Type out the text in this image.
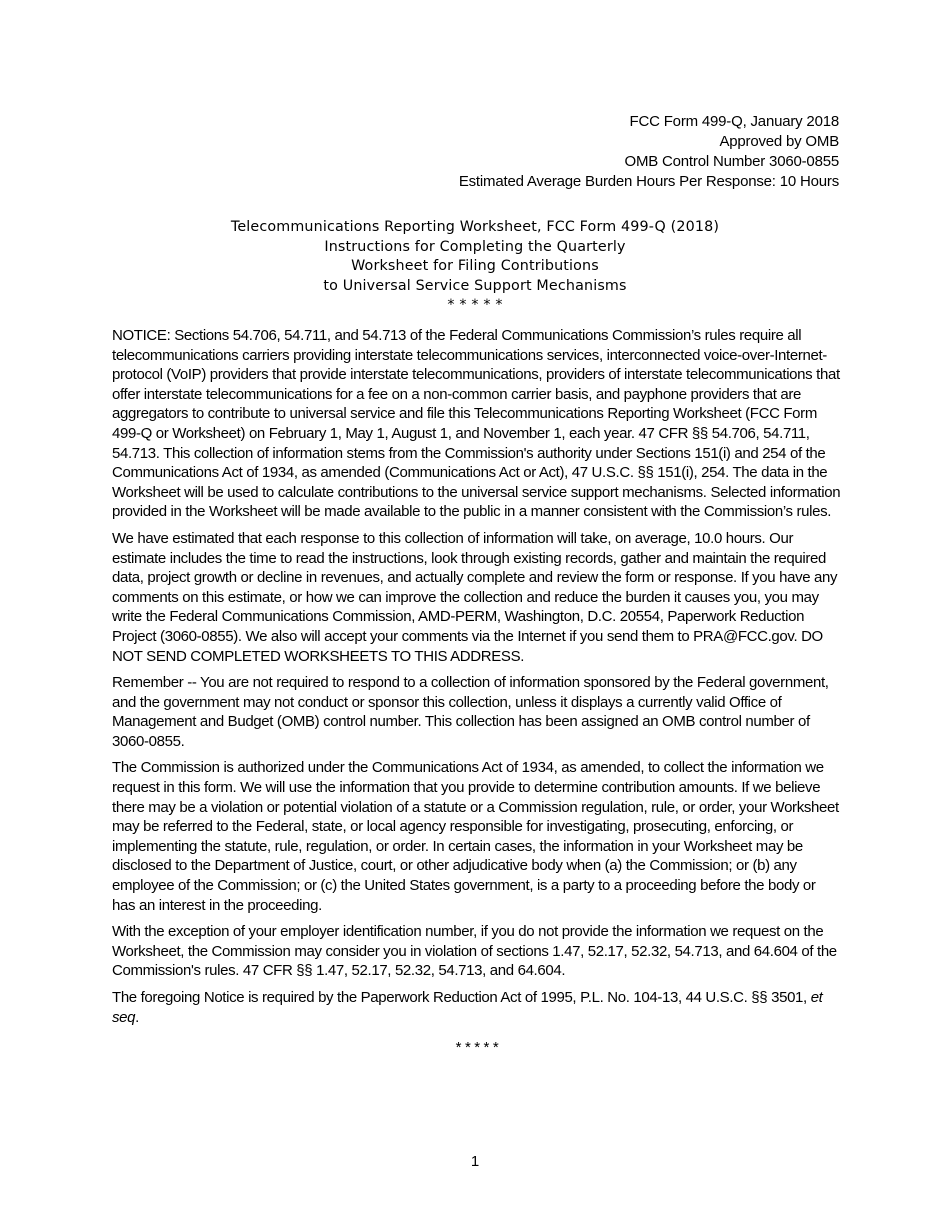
FCC Form 499-Q, January 2018
Approved by OMB
OMB Control Number 3060-0855
Estimated Average Burden Hours Per Response: 10 Hours
Telecommunications Reporting Worksheet, FCC Form 499-Q (2018)
Instructions for Completing the Quarterly
Worksheet for Filing Contributions
to Universal Service Support Mechanisms
* * * * *

NOTICE: Sections 54.706, 54.711, and 54.713 of the Federal Communications Commission’s rules require all telecommunications carriers providing interstate telecommunications services, interconnected voice-over-Internet-protocol (VoIP) providers that provide interstate telecommunications, providers of interstate telecommunications that offer interstate telecommunications for a fee on a non-common carrier basis, and payphone providers that are aggregators to contribute to universal service and file this Telecommunications Reporting Worksheet (FCC Form 499-Q or Worksheet) on February 1, May 1, August 1, and November 1, each year. 47 CFR §§ 54.706, 54.711, 54.713. This collection of information stems from the Commission's authority under Sections 151(i) and 254 of the Communications Act of 1934, as amended (Communications Act or Act), 47 U.S.C. §§ 151(i), 254. The data in the Worksheet will be used to calculate contributions to the universal service support mechanisms. Selected information provided in the Worksheet will be made available to the public in a manner consistent with the Commission’s rules.

We have estimated that each response to this collection of information will take, on average, 10.0 hours. Our estimate includes the time to read the instructions, look through existing records, gather and maintain the required data, project growth or decline in revenues, and actually complete and review the form or response. If you have any comments on this estimate, or how we can improve the collection and reduce the burden it causes you, you may write the Federal Communications Commission, AMD-PERM, Washington, D.C. 20554, Paperwork Reduction Project (3060-0855). We also will accept your comments via the Internet if you send them to PRA@FCC.gov. DO NOT SEND COMPLETED WORKSHEETS TO THIS ADDRESS.

Remember -- You are not required to respond to a collection of information sponsored by the Federal government, and the government may not conduct or sponsor this collection, unless it displays a currently valid Office of Management and Budget (OMB) control number. This collection has been assigned an OMB control number of 3060-0855.

The Commission is authorized under the Communications Act of 1934, as amended, to collect the information we request in this form. We will use the information that you provide to determine contribution amounts. If we believe there may be a violation or potential violation of a statute or a Commission regulation, rule, or order, your Worksheet may be referred to the Federal, state, or local agency responsible for investigating, prosecuting, enforcing, or implementing the statute, rule, regulation, or order. In certain cases, the information in your Worksheet may be disclosed to the Department of Justice, court, or other adjudicative body when (a) the Commission; or (b) any employee of the Commission; or (c) the United States government, is a party to a proceeding before the body or has an interest in the proceeding.

With the exception of your employer identification number, if you do not provide the information we request on the Worksheet, the Commission may consider you in violation of sections 1.47, 52.17, 52.32, 54.713, and 64.604 of the Commission's rules. 47 CFR §§ 1.47, 52.17, 52.32, 54.713, and 64.604.

The foregoing Notice is required by the Paperwork Reduction Act of 1995, P.L. No. 104-13, 44 U.S.C. §§ 3501, et seq.

* * * * *
1
